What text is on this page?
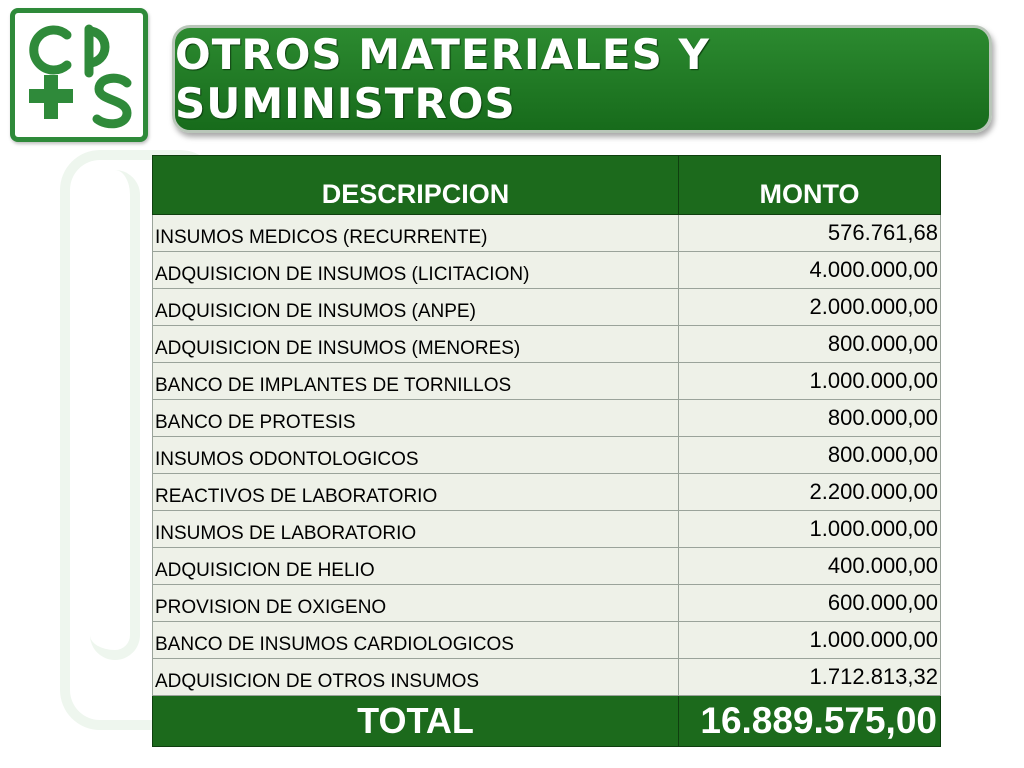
OTROS MATERIALES Y SUMINISTROS
DESCRIPCION	MONTO
INSUMOS MEDICOS (RECURRENTE)	576.761,68
ADQUISICION DE INSUMOS (LICITACION)	4.000.000,00
ADQUISICION DE INSUMOS (ANPE)	2.000.000,00
ADQUISICION DE INSUMOS (MENORES)	800.000,00
BANCO DE IMPLANTES DE TORNILLOS	1.000.000,00
BANCO DE PROTESIS	800.000,00
INSUMOS ODONTOLOGICOS	800.000,00
REACTIVOS DE LABORATORIO	2.200.000,00
INSUMOS DE LABORATORIO	1.000.000,00
ADQUISICION DE HELIO	400.000,00
PROVISION DE OXIGENO	600.000,00
BANCO DE INSUMOS CARDIOLOGICOS	1.000.000,00
ADQUISICION DE OTROS INSUMOS	1.712.813,32
TOTAL	16.889.575,00
